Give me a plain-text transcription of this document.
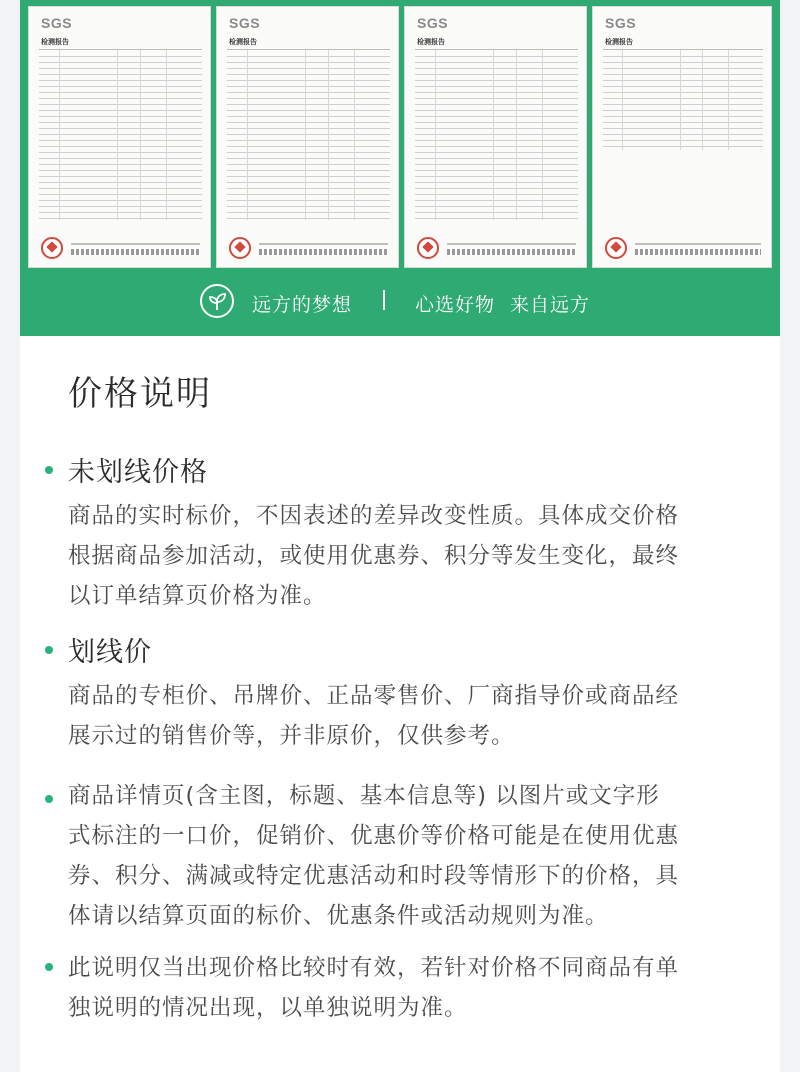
SGS
检测报告
SGS
检测报告
SGS
检测报告
SGS
检测报告
远方的梦想	心选好物 来自远方
价格说明
未划线价格
商品的实时标价，不因表述的差异改变性质。具体成交价格
根据商品参加活动，或使用优惠券、积分等发生变化，最终
以订单结算页价格为准。
划线价
商品的专柜价、吊牌价、正品零售价、厂商指导价或商品经
展示过的销售价等，并非原价，仅供参考。
商品详情页(含主图，标题、基本信息等) 以图片或文字形
式标注的一口价，促销价、优惠价等价格可能是在使用优惠
券、积分、满减或特定优惠活动和时段等情形下的价格，具
体请以结算页面的标价、优惠条件或活动规则为准。
此说明仅当出现价格比较时有效，若针对价格不同商品有单
独说明的情况出现，以单独说明为准。
